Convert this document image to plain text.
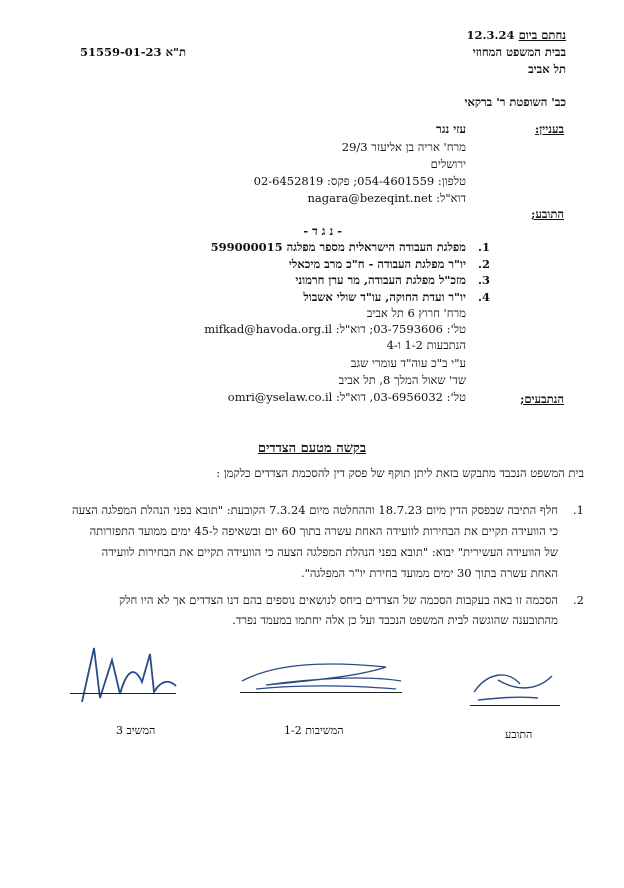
נחתם ביום 12.3.24
בבית המשפט המחוזי
תל אביב
ת"א 51559-01-23
כב' השופטת ר' ברקאי
בעניין:
עזי נגר
מרח' אריה בן אליעזר 29/3
ירושלים
טלפון: 054-4601559; פקס: 02-6452819
דוא"ל: nagara@bezeqint.net
התובע;
- נ ג ד -
1.
מפלגת העבודה הישראלית מספר מפלגה 599000015
2.
יו"ר מפלגת העבודה - ח"כ מרב מיכאלי
3.
מזכ"ל מפלגת העבודה, מר ערן חרמוני
4.
יו"ר ועדת החוקה, עו"ד שולי אשבול
מרח' חרוץ 6 תל אביב
טל': 03-7593606; דוא"ל: mifkad@havoda.org.il
הנתבעות 1-2 ו-4
ע"י ב"כ עוה"ד עומרי שגב
שד' שאול המלך 8, תל אביב
טל': 03-6956032, דוא"ל: omri@yselaw.co.il	הנתבעים;
בקשה מטעם הצדדים
בית המשפט הנכבד מתבקש בזאת ליתן תוקף של פסק דין להסכמת הצדדים כלקמן :
1.
חלף התיבה שבפסק הדין מיום 18.7.23 וההחלטה מיום 7.3.24 הקובעת: "תובא בפני הנהלת המפלגה הצעה
כי הוועידה תקיים את הבחירות לוועידה האחת עשרה בתוך 60 יום ובשאיפה ל-45 ימים ממועד התפזרותה
של הוועידה העשירית" יבוא: "תובא בפני הנהלת המפלגה הצעה כי הוועידה תקיים את הבחירות לוועידה
האחת עשרה בתוך 30 ימים ממועד בחירת יו"ר המפלגה".
2.
הסכמה זו באה בעקבות הסכמה של הצדדים ביחס לנושאים נוספים בהם דנו הצדדים אך לא היו חלק
מהתובענה שהוגשה לבית המשפט הנכבד ועל כן אלה יחתמו במעמד נפרד.
התובע
המשיבות 1-2
המשיב 3
